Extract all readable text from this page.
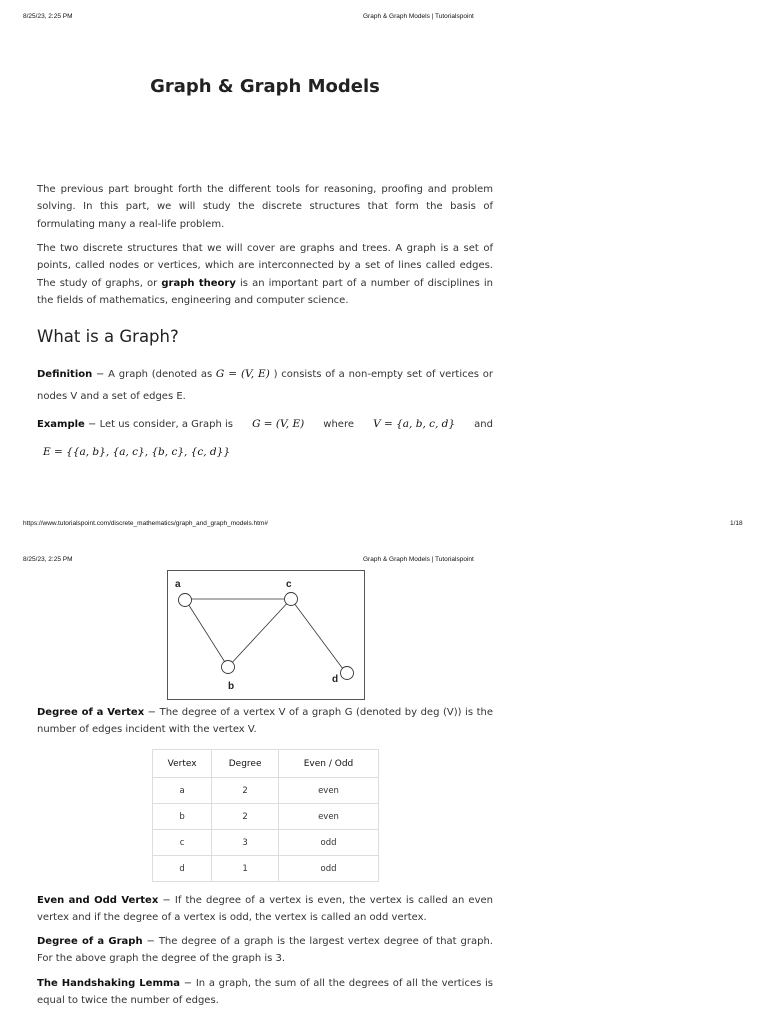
8/25/23, 2:25 PM	Graph & Graph Models | Tutorialspoint
Graph & Graph Models

The previous part brought forth the different tools for reasoning, proofing and problem solving. In this part, we will study the discrete structures that form the basis of formulating many a real-life problem.

The two discrete structures that we will cover are graphs and trees. A graph is a set of points, called nodes or vertices, which are interconnected by a set of lines called edges. The study of graphs, or graph theory is an important part of a number of disciplines in the fields of mathematics, engineering and computer science.

What is a Graph?

Definition − A graph (denoted as G = (V, E) ) consists of a non-empty set of vertices or nodes V and a set of edges E.

Example − Let us consider, a Graph is G = (V, E) where V = {a, b, c, d} and
E = {{a, b}, {a, c}, {b, c}, {c, d}}
https://www.tutorialspoint.com/discrete_mathematics/graph_and_graph_models.htm#	1/18
8/25/23, 2:25 PM	Graph & Graph Models | Tutorialspoint
a	c
b
d

Degree of a Vertex − The degree of a vertex V of a graph G (denoted by deg (V)) is the number of edges incident with the vertex V.

Vertex	Degree	Even / Odd
a	2	even
b	2	even
c	3	odd
d	1	odd

Even and Odd Vertex − If the degree of a vertex is even, the vertex is called an even vertex and if the degree of a vertex is odd, the vertex is called an odd vertex.

Degree of a Graph − The degree of a graph is the largest vertex degree of that graph. For the above graph the degree of the graph is 3.

The Handshaking Lemma − In a graph, the sum of all the degrees of all the vertices is equal to twice the number of edges.
